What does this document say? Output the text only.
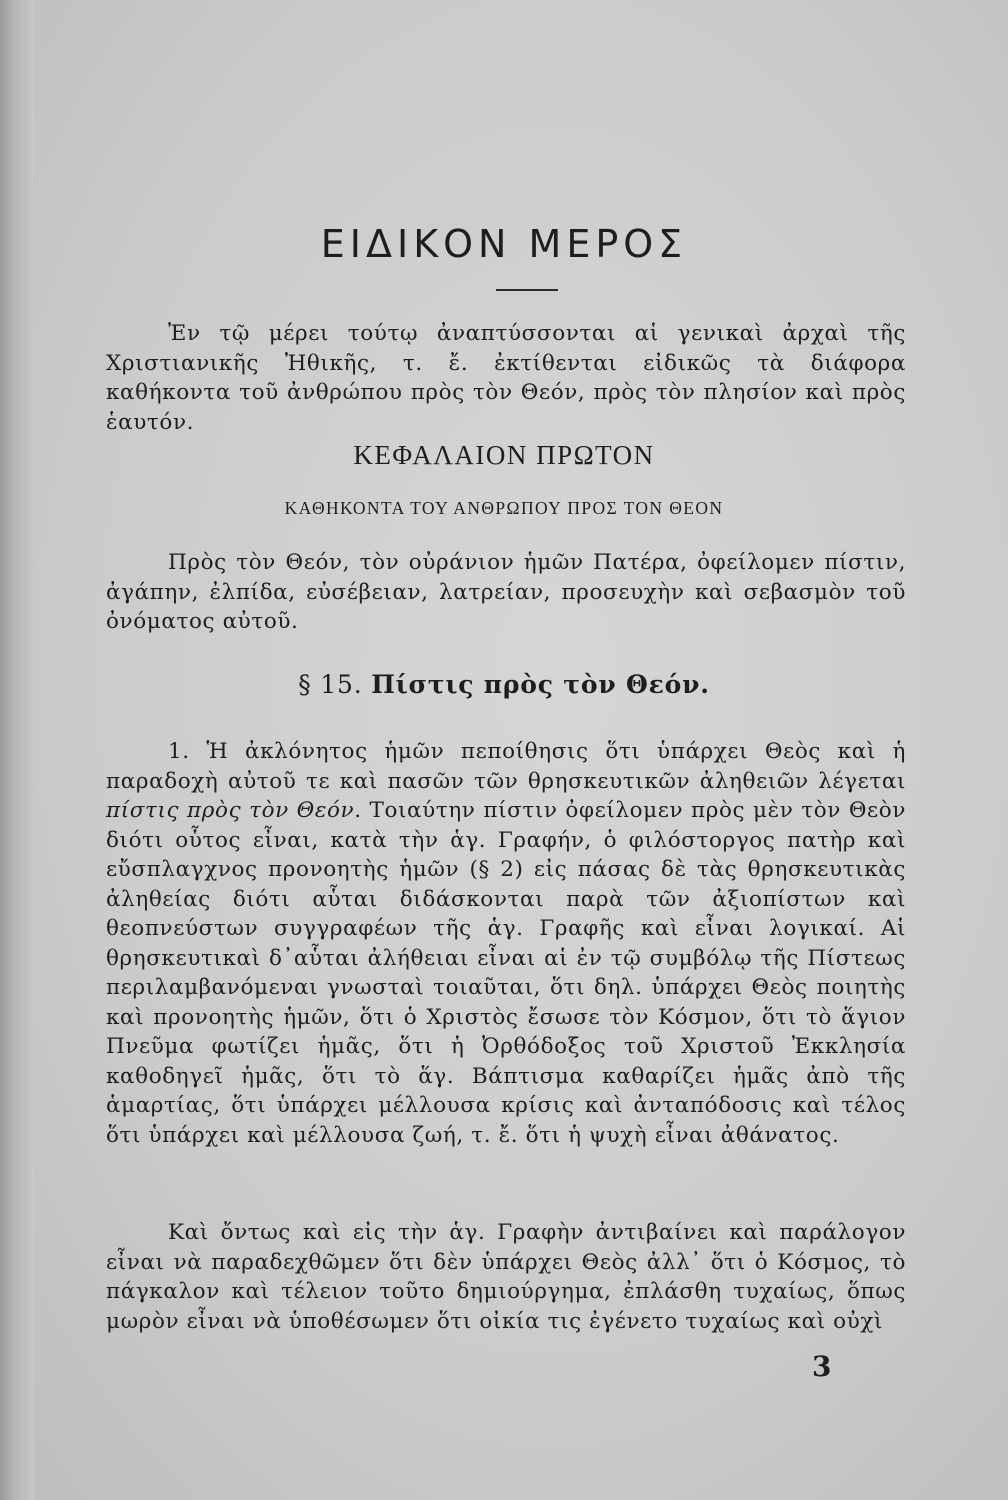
ΕΙΔΙΚΟΝ ΜΕΡΟΣ

Ἐν τῷ μέρει τούτῳ ἀναπτύσσονται αἱ γενικαὶ ἀρχαὶ τῆς Χριστιανικῆς Ἠθικῆς, τ. ἔ. ἐκτίθενται εἰδικῶς τὰ διάφορα καθήκοντα τοῦ ἀνθρώπου πρὸς τὸν Θεόν, πρὸς τὸν πλησίον καὶ πρὸς ἑαυτόν.

ΚΕΦΑΛΑΙΟΝ ΠΡΩΤΟΝ
ΚΑΘΗΚΟΝΤΑ ΤΟΥ ΑΝΘΡΩΠΟΥ ΠΡΟΣ ΤΟΝ ΘΕΟΝ

Πρὸς τὸν Θεόν, τὸν οὐράνιον ἡμῶν Πατέρα, ὀφείλομεν πίστιν, ἀγάπην, ἐλπίδα, εὐσέβειαν, λατρείαν, προσευχὴν καὶ σεβασμὸν τοῦ ὀνόματος αὐτοῦ.

§ 15. Πίστις πρὸς τὸν Θεόν.

1. Ἡ ἀκλόνητος ἡμῶν πεποίθησις ὅτι ὑπάρχει Θεὸς καὶ ἡ παραδοχὴ αὐτοῦ τε καὶ πασῶν τῶν θρησκευτικῶν ἀληθειῶν λέγεται πίστις πρὸς τὸν Θεόν. Τοιαύτην πίστιν ὀφείλομεν πρὸς μὲν τὸν Θεὸν διότι οὗτος εἶναι, κατὰ τὴν ἁγ. Γραφήν, ὁ φιλόστοργος πατὴρ καὶ εὔσπλαγχνος προνοητὴς ἡμῶν (§ 2) εἰς πάσας δὲ τὰς θρησκευτικὰς ἀληθείας διότι αὗται διδάσκονται παρὰ τῶν ἀξιοπίστων καὶ θεοπνεύστων συγγραφέων τῆς ἁγ. Γραφῆς καὶ εἶναι λογικαί. Αἱ θρησκευτικαὶ δ᾽αὗται ἀλήθειαι εἶναι αἱ ἐν τῷ συμβόλῳ τῆς Πίστεως περιλαμβανόμεναι γνωσταὶ τοιαῦται, ὅτι δηλ. ὑπάρχει Θεὸς ποιητὴς καὶ προνοητὴς ἡμῶν, ὅτι ὁ Χριστὸς ἔσωσε τὸν Κόσμον, ὅτι τὸ ἅγιον Πνεῦμα φωτίζει ἡμᾶς, ὅτι ἡ Ὀρθόδοξος τοῦ Χριστοῦ Ἐκκλησία καθοδηγεῖ ἡμᾶς, ὅτι τὸ ἅγ. Βάπτισμα καθαρίζει ἡμᾶς ἀπὸ τῆς ἁμαρτίας, ὅτι ὑπάρχει μέλλουσα κρίσις καὶ ἀνταπόδοσις καὶ τέλος ὅτι ὑπάρχει καὶ μέλλουσα ζωή, τ. ἔ. ὅτι ἡ ψυχὴ εἶναι ἀθάνατος.

Καὶ ὄντως καὶ εἰς τὴν ἁγ. Γραφὴν ἀντιβαίνει καὶ παράλογον εἶναι νὰ παραδεχθῶμεν ὅτι δὲν ὑπάρχει Θεὸς ἀλλ᾽ ὅτι ὁ Κόσμος, τὸ πάγκαλον καὶ τέλειον τοῦτο δημιούργημα, ἐπλάσθη τυχαίως, ὅπως μωρὸν εἶναι νὰ ὑποθέσωμεν ὅτι οἰκία τις ἐγένετο τυχαίως καὶ οὐχὶ

3
